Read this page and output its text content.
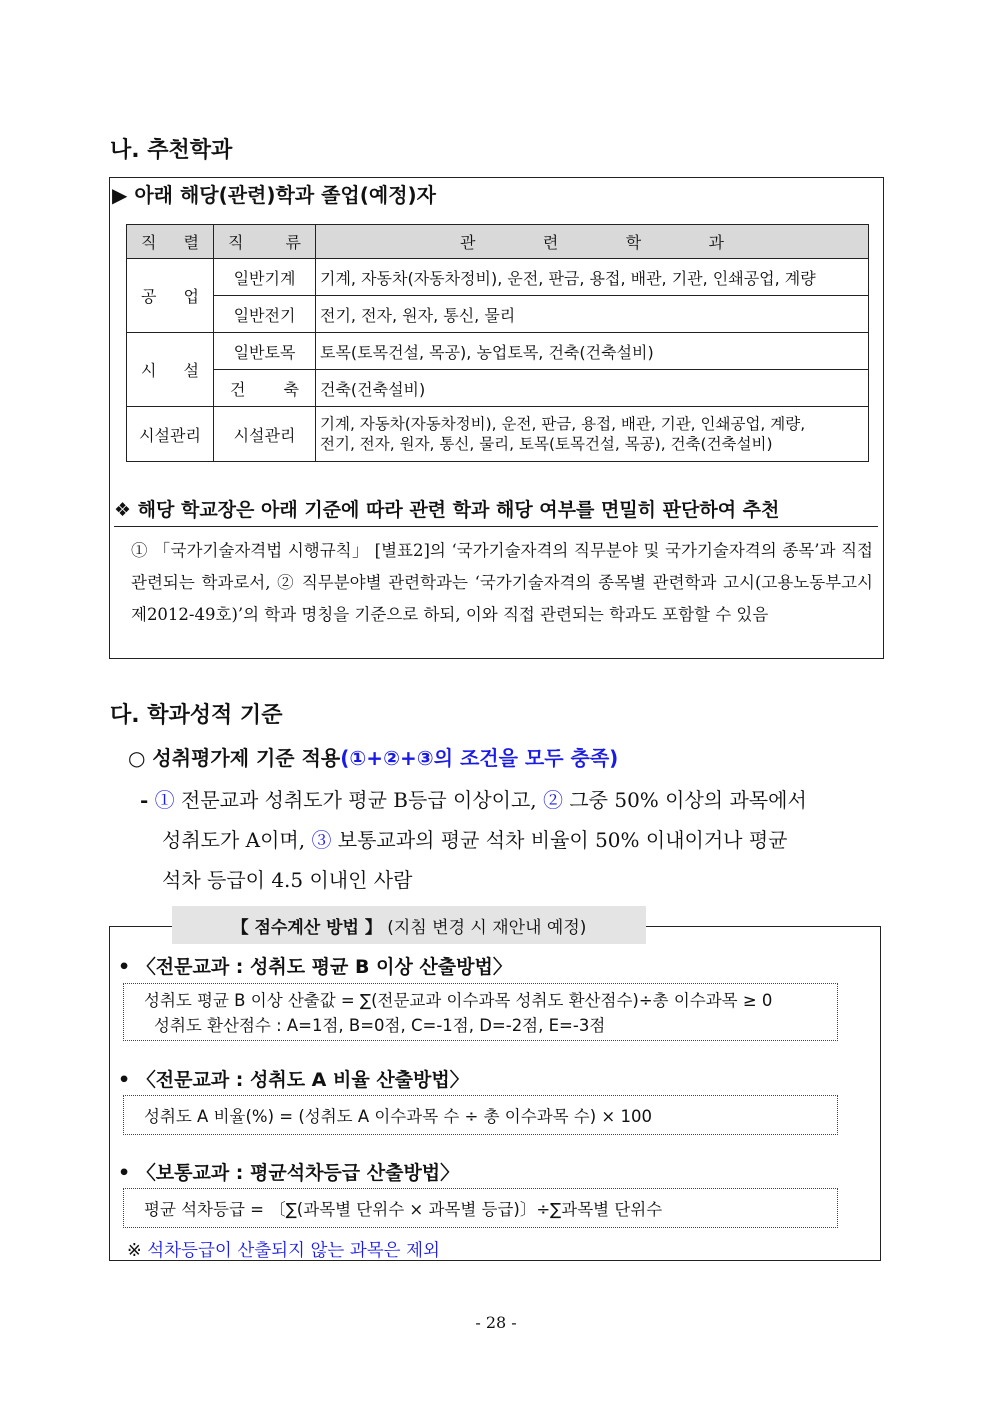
나. 추천학과
▶ 아래 해당(관련)학과 졸업(예정)자
직 렬	직 류	관 련 학 과

공 업	일반기계	기계, 자동차(자동차정비), 운전, 판금, 용접, 배관, 기관, 인쇄공업, 계량
	일반전기	전기, 전자, 원자, 통신, 물리

시 설	일반토목	토목(토목건설, 목공), 농업토목, 건축(건축설비)

	건 축	건축(건축설비)
시설관리	시설관리	기계, 자동차(자동차정비), 운전, 판금, 용접, 배관, 기관, 인쇄공업, 계량,
전기, 전자, 원자, 통신, 물리, 토목(토목건설, 목공), 건축(건축설비)
❖ 해당 학교장은 아래 기준에 따라 관련 학과 해당 여부를 면밀히 판단하여 추천
① 「국가기술자격법 시행규칙」 [별표2]의 ‘국가기술자격의 직무분야 및 국가기술자격의 종목’과 직접 관련되는 학과로서, ② 직무분야별 관련학과는 ‘국가기술자격의 종목별 관련학과 고시(고용노동부고시 제2012-49호)’의 학과 명칭을 기준으로 하되, 이와 직접 관련되는 학과도 포함할 수 있음
다. 학과성적 기준
○ 성취평가제 기준 적용(①+②+③의 조건을 모두 충족)
- ① 전문교과 성취도가 평균 B등급 이상이고, ② 그중 50% 이상의 과목에서
성취도가 A이며, ③ 보통교과의 평균 석차 비율이 50% 이내이거나 평균
석차 등급이 4.5 이내인 사람
【 점수계산 방법 】
(지침 변경 시 재안내 예정)
• 〈전문교과 : 성취도 평균 B 이상 산출방법〉
성취도 평균 B 이상 산출값 = ∑(전문교과 이수과목 성취도 환산점수)÷총 이수과목 ≥ 0
성취도 환산점수 : A=1점, B=0점, C=-1점, D=-2점, E=-3점
• 〈전문교과 : 성취도 A 비율 산출방법〉
성취도 A 비율(%) = (성취도 A 이수과목 수 ÷ 총 이수과목 수) × 100
• 〈보통교과 : 평균석차등급 산출방법〉
평균 석차등급 = 〔∑(과목별 단위수 × 과목별 등급)〕÷∑과목별 단위수
※ 석차등급이 산출되지 않는 과목은 제외
- 28 -
